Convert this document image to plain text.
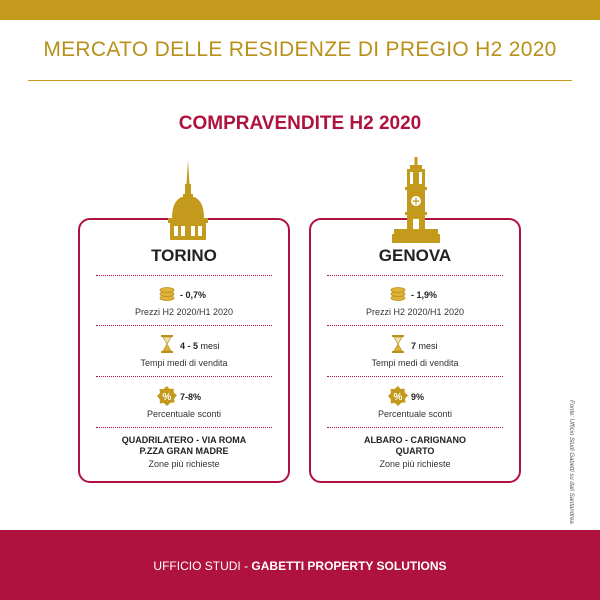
MERCATO DELLE RESIDENZE DI PREGIO H2 2020
COMPRAVENDITE H2 2020
TORINO
- 0,7%
Prezzi H2 2020/H1 2020
4 - 5 mesi
Tempi medi di vendita
% 7-8%
Percentuale sconti
QUADRILATERO - VIA ROMA
P.ZZA GRAN MADRE
Zone più richieste
GENOVA
- 1,9%
Prezzi H2 2020/H1 2020
7 mesi
Tempi medi di vendita
% 9%
Percentuale sconti
ALBARO - CARIGNANO
QUARTO
Zone più richieste	Fonte: Ufficio Studi Gabetti su dati Santandrea
UFFICIO STUDI - GABETTI PROPERTY SOLUTIONS
